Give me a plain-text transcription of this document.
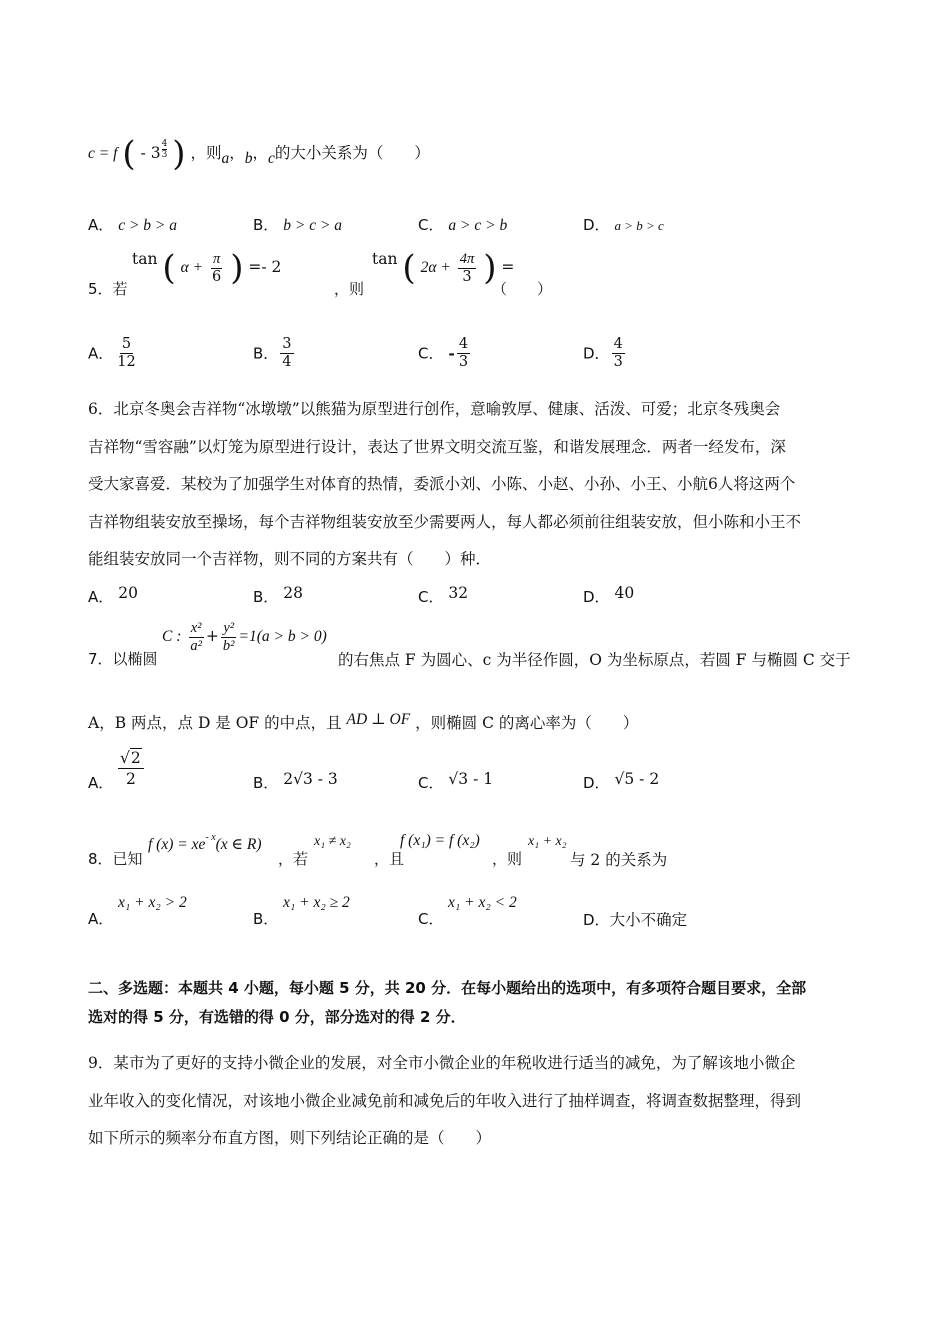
c = f ( - $3 \frac{4}{3}$ ) ，则a，b，c的大小关系为（　　）
A． c > b > a	B． b > c > a	C． a > c > b	D． a > b > c
5．若
tan ( $\alpha + \frac{\pi}{6}$ ) =- 2
，则
tan ( $2\alpha + \frac{4\pi}{3}$ ) =
（　　）
A． $\frac{5}{12}$	B． $\frac{3}{4}$	C． - $\frac{4}{3}$	D． $\frac{4}{3}$
6．北京冬奥会吉祥物“冰墩墩”以熊猫为原型进行创作，意喻敦厚、健康、活泼、可爱；北京冬残奥会
吉祥物“雪容融”以灯笼为原型进行设计，表达了世界文明交流互鉴，和谐发展理念．两者一经发布，深
受大家喜爱．某校为了加强学生对体育的热情，委派小刘、小陈、小赵、小孙、小王、小航6人将这两个
吉祥物组装安放至操场，每个吉祥物组装安放至少需要两人，每人都必须前往组装安放，但小陈和小王不
能组装安放同一个吉祥物，则不同的方案共有（　　）种．
A． 20	B． 28	C． 32	D． 40
7．以椭圆
C : $\frac{\text{x²}}{\text{a²}} + \frac{\text{y²}}{\text{b²}} =1(a > b > 0)$
的右焦点 F 为圆心、c 为半径作圆，O 为坐标原点，若圆 F 与椭圆 C 交于
A，B 两点，点 D 是 OF 的中点，且 AD ⊥ OF ，则椭圆 C 的离心率为（　　）
A． $\frac{√2}{2}$	B． 2√3 - 3	C． √3 - 1	D． √5 - 2
8．已知
f $(x) = xe^{- x}(x$ ∈ R)
，若
x₁ ≠ x₂
，且
f (x₁) = f (x₂)
，则
x₁ + x₂
与 2 的关系为
A．
x₁ + x₂ > 2
B．
x₁ + x₂ ≥ 2
C．
x₁ + x₂ < 2
D．大小不确定
二、多选题：本题共 4 小题，每小题 5 分，共 20 分．在每小题给出的选项中，有多项符合题目要求，全部
选对的得 5 分，有选错的得 0 分，部分选对的得 2 分．
9．某市为了更好的支持小微企业的发展，对全市小微企业的年税收进行适当的减免，为了解该地小微企
业年收入的变化情况，对该地小微企业减免前和减免后的年收入进行了抽样调查，将调查数据整理，得到
如下所示的频率分布直方图，则下列结论正确的是（　　）
